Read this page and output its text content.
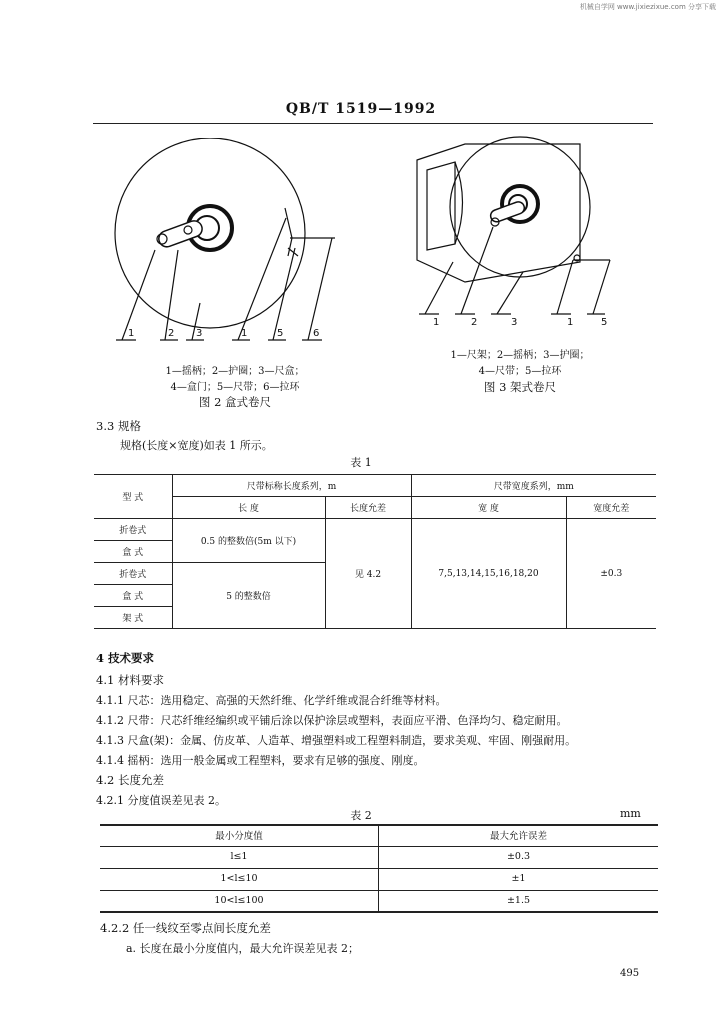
机械自学网 www.jixiezixue.com 分享下载
QB/T 1519—1992
1	2 3	1	5	6
1—摇柄；2—护圈；3—尺盒；
4—盒门；5—尺带；6—拉环
图 2 盒式卷尺
1	2	3	1	5
1—尺架；2—摇柄；3—护圈；
4—尺带；5—拉环
图 3 架式卷尺
3.3 规格
规格(长度×宽度)如表 1 所示。
表 1
型 式	尺带标称长度系列，m		尺带宽度系列，mm	
	长 度	长度允差	宽 度	宽度允差
折卷式	0.5 的整数倍(5m 以下)	见 4.2	7,5,13,14,15,16,18,20	±0.3
盒 式				
折卷式	5 的整数倍			
盒 式				
架 式				
4 技术要求
4.1 材料要求
4.1.1 尺芯：选用稳定、高强的天然纤维、化学纤维或混合纤维等材料。
4.1.2 尺带：尺芯纤维经编织或平铺后涂以保护涂层或塑料，表面应平滑、色泽均匀、稳定耐用。
4.1.3 尺盒(架)：金属、仿皮革、人造革、增强塑料或工程塑料制造，要求美观、牢固、刚强耐用。
4.1.4 摇柄：选用一般金属或工程塑料，要求有足够的强度、刚度。
4.2 长度允差
4.2.1 分度值误差见表 2。
表 2	mm
最小分度值	最大允许误差
l≤1	±0.3
1<l≤10	±1
10<l≤100	±1.5
4.2.2 任一线纹至零点间长度允差
a. 长度在最小分度值内，最大允许误差见表 2；
495
